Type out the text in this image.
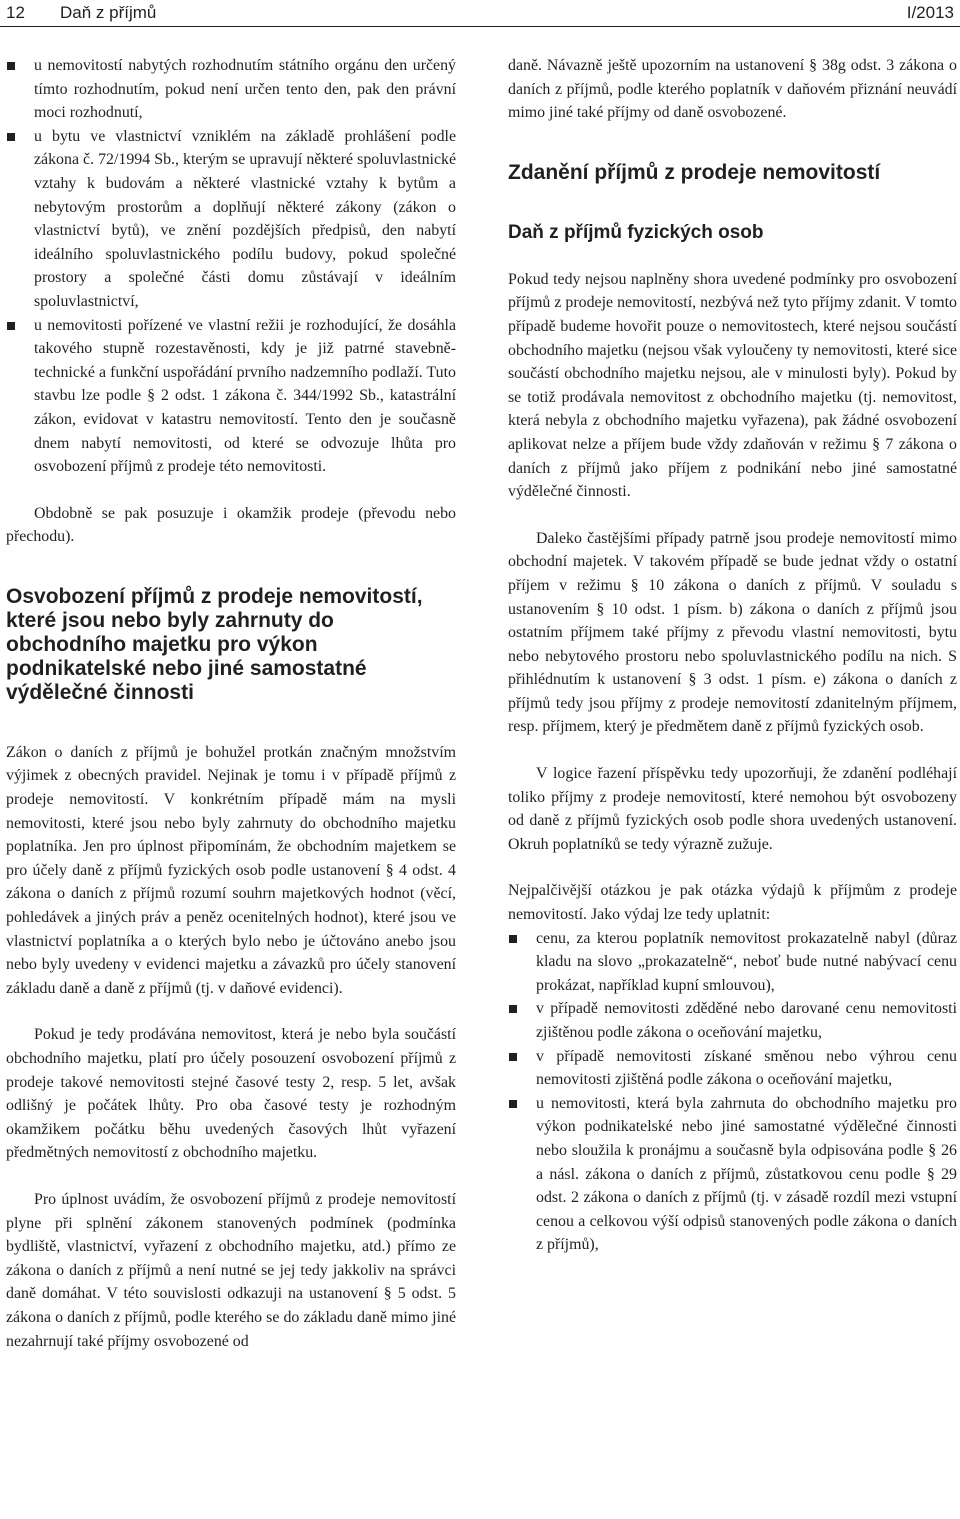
12 Daň z příjmů	I/2013
u nemovitostí nabytých rozhodnutím státního orgánu den určený tímto rozhodnutím, pokud není určen tento den, pak den právní moci rozhodnutí,
u bytu ve vlastnictví vzniklém na základě prohlášení podle zákona č. 72/1994 Sb., kterým se upravují některé spoluvlastnické vztahy k budovám a některé vlastnické vztahy k bytům a nebytovým prostorům a doplňují některé zákony (zákon o vlastnictví bytů), ve znění pozdějších předpisů, den nabytí ideálního spoluvlastnického podílu budovy, pokud společné prostory a společné části domu zůstávají v ideálním spoluvlastnictví,
u nemovitosti pořízené ve vlastní režii je rozhodující, že dosáhla takového stupně rozestavěnosti, kdy je již patrné stavebně-technické a funkční uspořádání prvního nadzemního podlaží. Tuto stavbu lze podle § 2 odst. 1 zákona č. 344/1992 Sb., katastrální zákon, evidovat v katastru nemovitostí. Tento den je současně dnem nabytí nemovitosti, od které se odvozuje lhůta pro osvobození příjmů z prodeje této nemovitosti.

Obdobně se pak posuzuje i okamžik prodeje (převodu nebo přechodu).

Osvobození příjmů z prodeje nemovitostí, které jsou nebo byly zahrnuty do obchodního majetku pro výkon podnikatelské nebo jiné samostatné výdělečné činnosti

Zákon o daních z příjmů je bohužel protkán značným množstvím výjimek z obecných pravidel. Nejinak je tomu i v případě příjmů z prodeje nemovitostí. V konkrétním případě mám na mysli nemovitosti, které jsou nebo byly zahrnuty do obchodního majetku poplatníka. Jen pro úplnost připomínám, že obchodním majetkem se pro účely daně z příjmů fyzických osob podle ustanovení § 4 odst. 4 zákona o daních z příjmů rozumí souhrn majetkových hodnot (věcí, pohledávek a jiných práv a peněz ocenitelných hodnot), které jsou ve vlastnictví poplatníka a o kterých bylo nebo je účtováno anebo jsou nebo byly uvedeny v evidenci majetku a závazků pro účely stanovení základu daně a daně z příjmů (tj. v daňové evidenci).

Pokud je tedy prodávána nemovitost, která je nebo byla součástí obchodního majetku, platí pro účely posouzení osvobození příjmů z prodeje takové nemovitosti stejné časové testy 2, resp. 5 let, avšak odlišný je počátek lhůty. Pro oba časové testy je rozhodným okamžikem počátku běhu uvedených časových lhůt vyřazení předmětných nemovitostí z obchodního majetku.

Pro úplnost uvádím, že osvobození příjmů z prodeje nemovitostí plyne při splnění zákonem stanovených podmínek (podmínka bydliště, vlastnictví, vyřazení z obchodního majetku, atd.) přímo ze zákona o daních z příjmů a není nutné se jej tedy jakkoliv na správci daně domáhat. V této souvislosti odkazuji na ustanovení § 5 odst. 5 zákona o daních z příjmů, podle kterého se do základu daně mimo jiné nezahrnují také příjmy osvobozené od

daně. Návazně ještě upozorním na ustanovení § 38g odst. 3 zákona o daních z příjmů, podle kterého poplatník v daňovém přiznání neuvádí mimo jiné také příjmy od daně osvobozené.

Zdanění příjmů z prodeje nemovitostí
Daň z příjmů fyzických osob

Pokud tedy nejsou naplněny shora uvedené podmínky pro osvobození příjmů z prodeje nemovitostí, nezbývá než tyto příjmy zdanit. V tomto případě budeme hovořit pouze o nemovitostech, které nejsou součástí obchodního majetku (nejsou však vyloučeny ty nemovitosti, které sice součástí obchodního majetku nejsou, ale v minulosti byly). Pokud by se totiž prodávala nemovitost z obchodního majetku (tj. nemovitost, která nebyla z obchodního majetku vyřazena), pak žádné osvobození aplikovat nelze a příjem bude vždy zdaňován v režimu § 7 zákona o daních z příjmů jako příjem z podnikání nebo jiné samostatné výdělečné činnosti.

Daleko častějšími případy patrně jsou prodeje nemovitostí mimo obchodní majetek. V takovém případě se bude jednat vždy o ostatní příjem v režimu § 10 zákona o daních z příjmů. V souladu s ustanovením § 10 odst. 1 písm. b) zákona o daních z příjmů jsou ostatním příjmem také příjmy z převodu vlastní nemovitosti, bytu nebo nebytového prostoru nebo spoluvlastnického podílu na nich. S přihlédnutím k ustanovení § 3 odst. 1 písm. e) zákona o daních z příjmů tedy jsou příjmy z prodeje nemovitostí zdanitelným příjmem, resp. příjmem, který je předmětem daně z příjmů fyzických osob.

V logice řazení příspěvku tedy upozorňuji, že zdanění podléhají toliko příjmy z prodeje nemovitostí, které nemohou být osvobozeny od daně z příjmů fyzických osob podle shora uvedených ustanovení. Okruh poplatníků se tedy výrazně zužuje.

Nejpalčivější otázkou je pak otázka výdajů k příjmům z prodeje nemovitostí. Jako výdaj lze tedy uplatnit:

cenu, za kterou poplatník nemovitost prokazatelně nabyl (důraz kladu na slovo „prokazatelně“, neboť bude nutné nabývací cenu prokázat, například kupní smlouvou),
v případě nemovitosti zděděné nebo darované cenu nemovitosti zjištěnou podle zákona o oceňování majetku,
v případě nemovitosti získané směnou nebo výhrou cenu nemovitosti zjištěná podle zákona o oceňování majetku,
u nemovitosti, která byla zahrnuta do obchodního majetku pro výkon podnikatelské nebo jiné samostatné výdělečné činnosti nebo sloužila k pronájmu a současně byla odpisována podle § 26 a násl. zákona o daních z příjmů, zůstatkovou cenu podle § 29 odst. 2 zákona o daních z příjmů (tj. v zásadě rozdíl mezi vstupní cenou a celkovou výší odpisů stanovených podle zákona o daních z příjmů),
